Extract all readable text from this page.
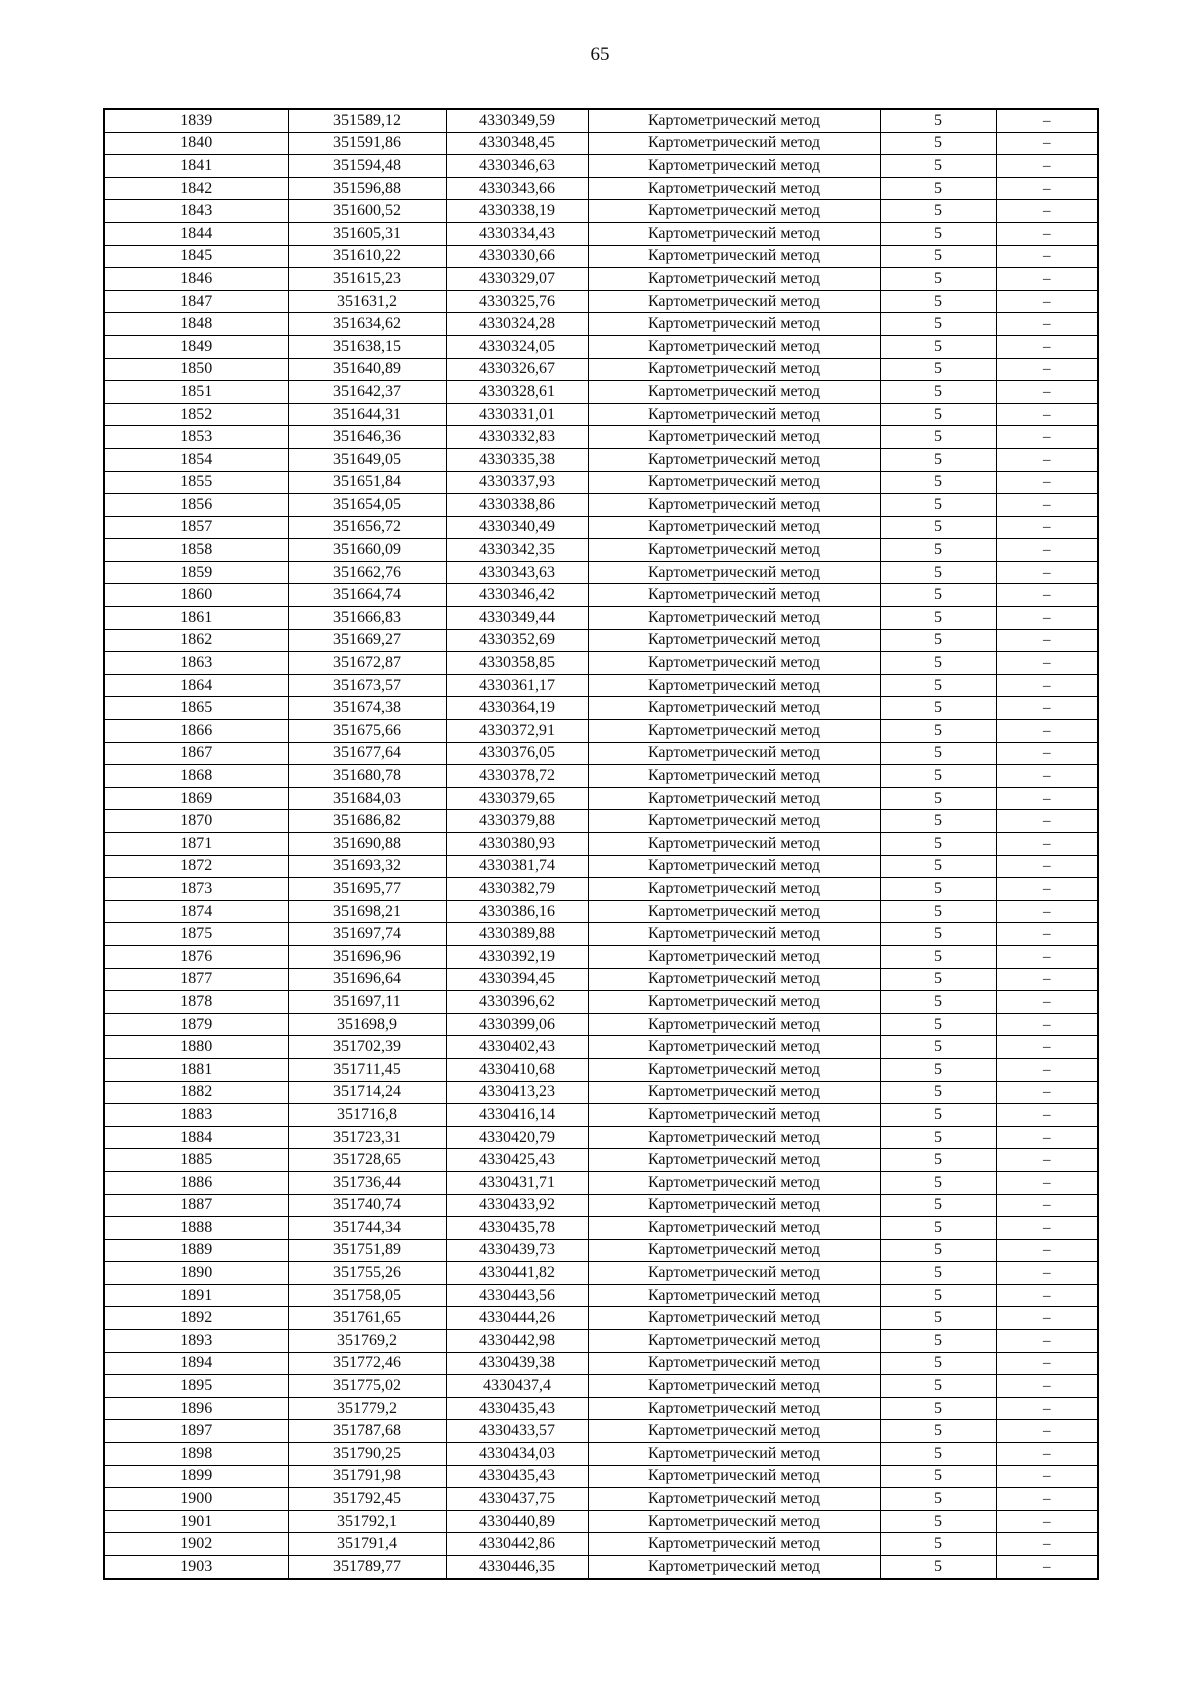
65
1839	351589,12	4330349,59	Картометрический метод	5	–
1840	351591,86	4330348,45	Картометрический метод	5	–
1841	351594,48	4330346,63	Картометрический метод	5	–
1842	351596,88	4330343,66	Картометрический метод	5	–
1843	351600,52	4330338,19	Картометрический метод	5	–
1844	351605,31	4330334,43	Картометрический метод	5	–
1845	351610,22	4330330,66	Картометрический метод	5	–
1846	351615,23	4330329,07	Картометрический метод	5	–
1847	351631,2	4330325,76	Картометрический метод	5	–
1848	351634,62	4330324,28	Картометрический метод	5	–
1849	351638,15	4330324,05	Картометрический метод	5	–
1850	351640,89	4330326,67	Картометрический метод	5	–
1851	351642,37	4330328,61	Картометрический метод	5	–
1852	351644,31	4330331,01	Картометрический метод	5	–
1853	351646,36	4330332,83	Картометрический метод	5	–
1854	351649,05	4330335,38	Картометрический метод	5	–
1855	351651,84	4330337,93	Картометрический метод	5	–
1856	351654,05	4330338,86	Картометрический метод	5	–
1857	351656,72	4330340,49	Картометрический метод	5	–
1858	351660,09	4330342,35	Картометрический метод	5	–
1859	351662,76	4330343,63	Картометрический метод	5	–
1860	351664,74	4330346,42	Картометрический метод	5	–
1861	351666,83	4330349,44	Картометрический метод	5	–
1862	351669,27	4330352,69	Картометрический метод	5	–
1863	351672,87	4330358,85	Картометрический метод	5	–
1864	351673,57	4330361,17	Картометрический метод	5	–
1865	351674,38	4330364,19	Картометрический метод	5	–
1866	351675,66	4330372,91	Картометрический метод	5	–
1867	351677,64	4330376,05	Картометрический метод	5	–
1868	351680,78	4330378,72	Картометрический метод	5	–
1869	351684,03	4330379,65	Картометрический метод	5	–
1870	351686,82	4330379,88	Картометрический метод	5	–
1871	351690,88	4330380,93	Картометрический метод	5	–
1872	351693,32	4330381,74	Картометрический метод	5	–
1873	351695,77	4330382,79	Картометрический метод	5	–
1874	351698,21	4330386,16	Картометрический метод	5	–
1875	351697,74	4330389,88	Картометрический метод	5	–
1876	351696,96	4330392,19	Картометрический метод	5	–
1877	351696,64	4330394,45	Картометрический метод	5	–
1878	351697,11	4330396,62	Картометрический метод	5	–
1879	351698,9	4330399,06	Картометрический метод	5	–
1880	351702,39	4330402,43	Картометрический метод	5	–
1881	351711,45	4330410,68	Картометрический метод	5	–
1882	351714,24	4330413,23	Картометрический метод	5	–
1883	351716,8	4330416,14	Картометрический метод	5	–
1884	351723,31	4330420,79	Картометрический метод	5	–
1885	351728,65	4330425,43	Картометрический метод	5	–
1886	351736,44	4330431,71	Картометрический метод	5	–
1887	351740,74	4330433,92	Картометрический метод	5	–
1888	351744,34	4330435,78	Картометрический метод	5	–
1889	351751,89	4330439,73	Картометрический метод	5	–
1890	351755,26	4330441,82	Картометрический метод	5	–
1891	351758,05	4330443,56	Картометрический метод	5	–
1892	351761,65	4330444,26	Картометрический метод	5	–
1893	351769,2	4330442,98	Картометрический метод	5	–
1894	351772,46	4330439,38	Картометрический метод	5	–
1895	351775,02	4330437,4	Картометрический метод	5	–
1896	351779,2	4330435,43	Картометрический метод	5	–
1897	351787,68	4330433,57	Картометрический метод	5	–
1898	351790,25	4330434,03	Картометрический метод	5	–
1899	351791,98	4330435,43	Картометрический метод	5	–
1900	351792,45	4330437,75	Картометрический метод	5	–
1901	351792,1	4330440,89	Картометрический метод	5	–
1902	351791,4	4330442,86	Картометрический метод	5	–
1903	351789,77	4330446,35	Картометрический метод	5	–
